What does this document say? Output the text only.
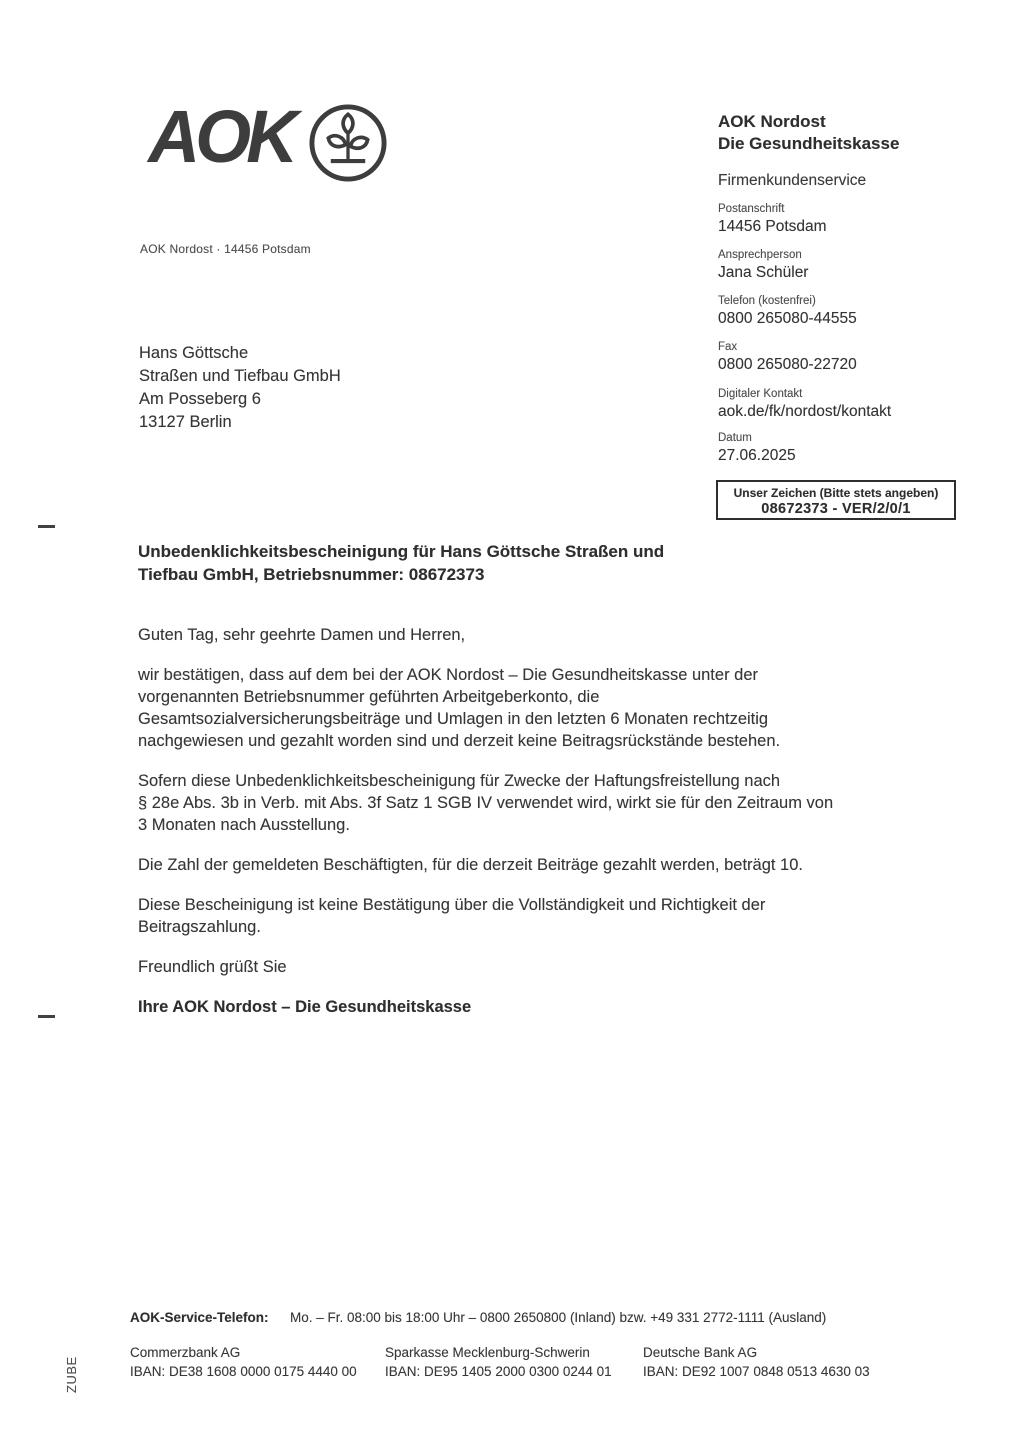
AOK
AOK Nordost · 14456 Potsdam
Hans Göttsche
Straßen und Tiefbau GmbH
Am Posseberg 6
13127 Berlin
AOK Nordost
Die Gesundheitskasse
Firmenkundenservice
Postanschrift
14456 Potsdam
Ansprechperson
Jana Schüler
Telefon (kostenfrei)
0800 265080-44555
Fax
0800 265080-22720
Digitaler Kontakt
aok.de/fk/nordost/kontakt
Datum
27.06.2025
Unser Zeichen (Bitte stets angeben)
08672373 - VER/2/0/1
Unbedenklichkeitsbescheinigung für Hans Göttsche Straßen und
Tiefbau GmbH, Betriebsnummer: 08672373

Guten Tag, sehr geehrte Damen und Herren,

wir bestätigen, dass auf dem bei der AOK Nordost – Die Gesundheitskasse unter der
vorgenannten Betriebsnummer geführten Arbeitgeberkonto, die
Gesamtsozialversicherungsbeiträge und Umlagen in den letzten 6 Monaten rechtzeitig
nachgewiesen und gezahlt worden sind und derzeit keine Beitragsrückstände bestehen.

Sofern diese Unbedenklichkeitsbescheinigung für Zwecke der Haftungsfreistellung nach
§ 28e Abs. 3b in Verb. mit Abs. 3f Satz 1 SGB IV verwendet wird, wirkt sie für den Zeitraum von
3 Monaten nach Ausstellung.

Die Zahl der gemeldeten Beschäftigten, für die derzeit Beiträge gezahlt werden, beträgt 10.

Diese Bescheinigung ist keine Bestätigung über die Vollständigkeit und Richtigkeit der
Beitragszahlung.

Freundlich grüßt Sie

Ihre AOK Nordost – Die Gesundheitskasse

AOK-Service-Telefon: Mo. – Fr. 08:00 bis 18:00 Uhr – 0800 2650800 (Inland) bzw. +49 331 2772-1111 (Ausland)
Commerzbank AG
IBAN: DE38 1608 0000 0175 4440 00
Sparkasse Mecklenburg-Schwerin
IBAN: DE95 1405 2000 0300 0244 01
Deutsche Bank AG
IBAN: DE92 1007 0848 0513 4630 03
ZUBE
